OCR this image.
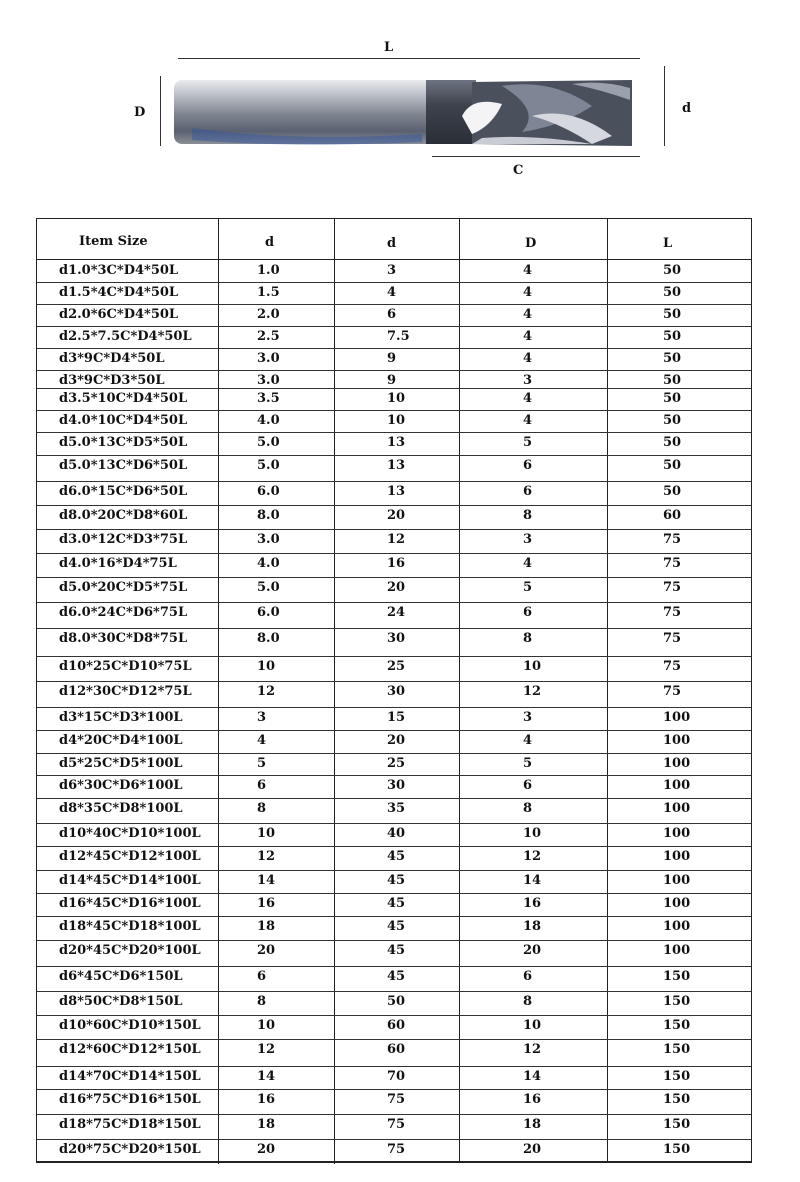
L
D	d
C
Item Size	d	d	D	L
d1.0*3C*D4*50L	1.0	3	4	50
d1.5*4C*D4*50L	1.5	4	4	50
d2.0*6C*D4*50L	2.0	6	4	50
d2.5*7.5C*D4*50L	2.5	7.5	4	50
d3*9C*D4*50L	3.0	9	4	50
d3*9C*D3*50L	3.0	9	3	50
d3.5*10C*D4*50L	3.5	10	4	50
d4.0*10C*D4*50L	4.0	10	4	50
d5.0*13C*D5*50L	5.0	13	5	50
d5.0*13C*D6*50L	5.0	13	6	50
d6.0*15C*D6*50L	6.0	13	6	50
d8.0*20C*D8*60L	8.0	20	8	60
d3.0*12C*D3*75L	3.0	12	3	75
d4.0*16*D4*75L	4.0	16	4	75
d5.0*20C*D5*75L	5.0	20	5	75
d6.0*24C*D6*75L	6.0	24	6	75
d8.0*30C*D8*75L	8.0	30	8	75
d10*25C*D10*75L	10	25	10	75
d12*30C*D12*75L	12	30	12	75
d3*15C*D3*100L	3	15	3	100
d4*20C*D4*100L	4	20	4	100
d5*25C*D5*100L	5	25	5	100
d6*30C*D6*100L	6	30	6	100
d8*35C*D8*100L	8	35	8	100
d10*40C*D10*100L	10	40	10	100
d12*45C*D12*100L	12	45	12	100
d14*45C*D14*100L	14	45	14	100
d16*45C*D16*100L	16	45	16	100
d18*45C*D18*100L	18	45	18	100
d20*45C*D20*100L	20	45	20	100
d6*45C*D6*150L	6	45	6	150
d8*50C*D8*150L	8	50	8	150
d10*60C*D10*150L	10	60	10	150
d12*60C*D12*150L	12	60	12	150
d14*70C*D14*150L	14	70	14	150
d16*75C*D16*150L	16	75	16	150
d18*75C*D18*150L	18	75	18	150
d20*75C*D20*150L	20	75	20	150
